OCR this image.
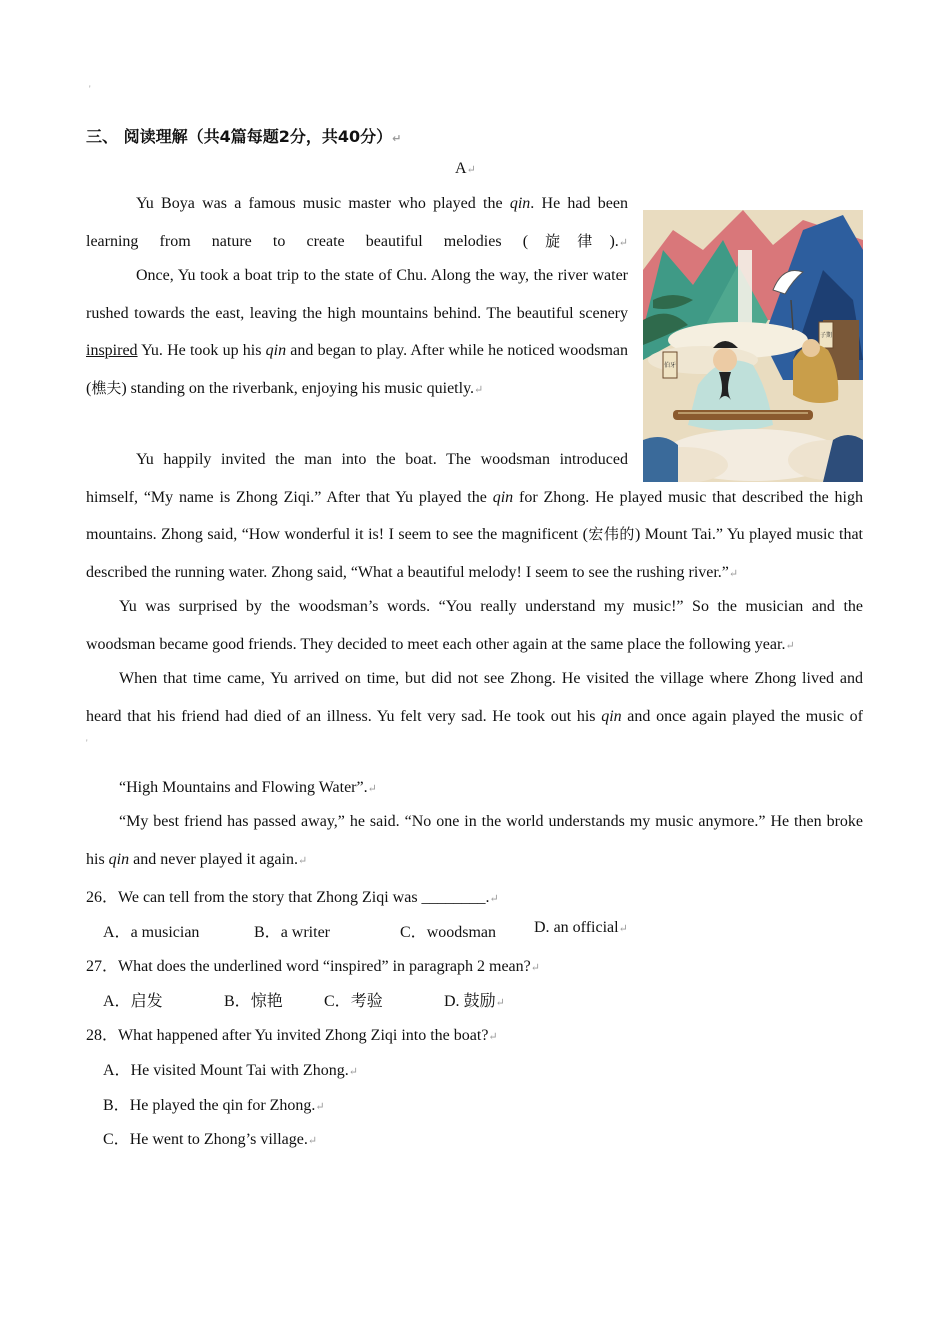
'
三、 阅读理解（共4篇每题2分，共40分）↵
A↵
子期
伯牙
Yu Boya was a famous music master who played the qin. He had been
learning from nature to create beautiful melodies (旋律).↵
Once, Yu took a boat trip to the state of Chu. Along the way, the river water rushed towards the east, leaving the high mountains behind. The beautiful scenery inspired Yu. He took up his qin and began to play. After while he noticed woodsman (樵夫) standing on the riverbank, enjoying his music quietly.↵
Yu happily invited the man into the boat. The woodsman introduced
himself, “My name is Zhong Ziqi.” After that Yu played the qin for Zhong. He played music that described the high mountains. Zhong said, “How wonderful it is! I seem to see the magnificent (宏伟的) Mount Tai.” Yu played music that described the running water. Zhong said, “What a beautiful melody! I seem to see the rushing river.”↵
Yu was surprised by the woodsman’s words. “You really understand my music!” So the musician and the woodsman became good friends. They decided to meet each other again at the same place the following year.↵
When that time came, Yu arrived on time, but did not see Zhong. He visited the village where Zhong lived and heard that his friend had died of an illness. Yu felt very sad. He took out his qin and once again played the music of
'
“High Mountains and Flowing Water”.↵
“My best friend has passed away,” he said. “No one in the world understands my music anymore.” He then broke his qin and never played it again.↵
26．We can tell from the story that Zhong Ziqi was ________.↵
A．a musician	B．a writer	C．woodsman D. an official↵
27．What does the underlined word “inspired” in paragraph 2 mean?↵
A．启发	B．惊艳	C．考验	D. 鼓励↵
28．What happened after Yu invited Zhong Ziqi into the boat?↵
A．He visited Mount Tai with Zhong.↵
B．He played the qin for Zhong.↵
C．He went to Zhong’s village.↵
